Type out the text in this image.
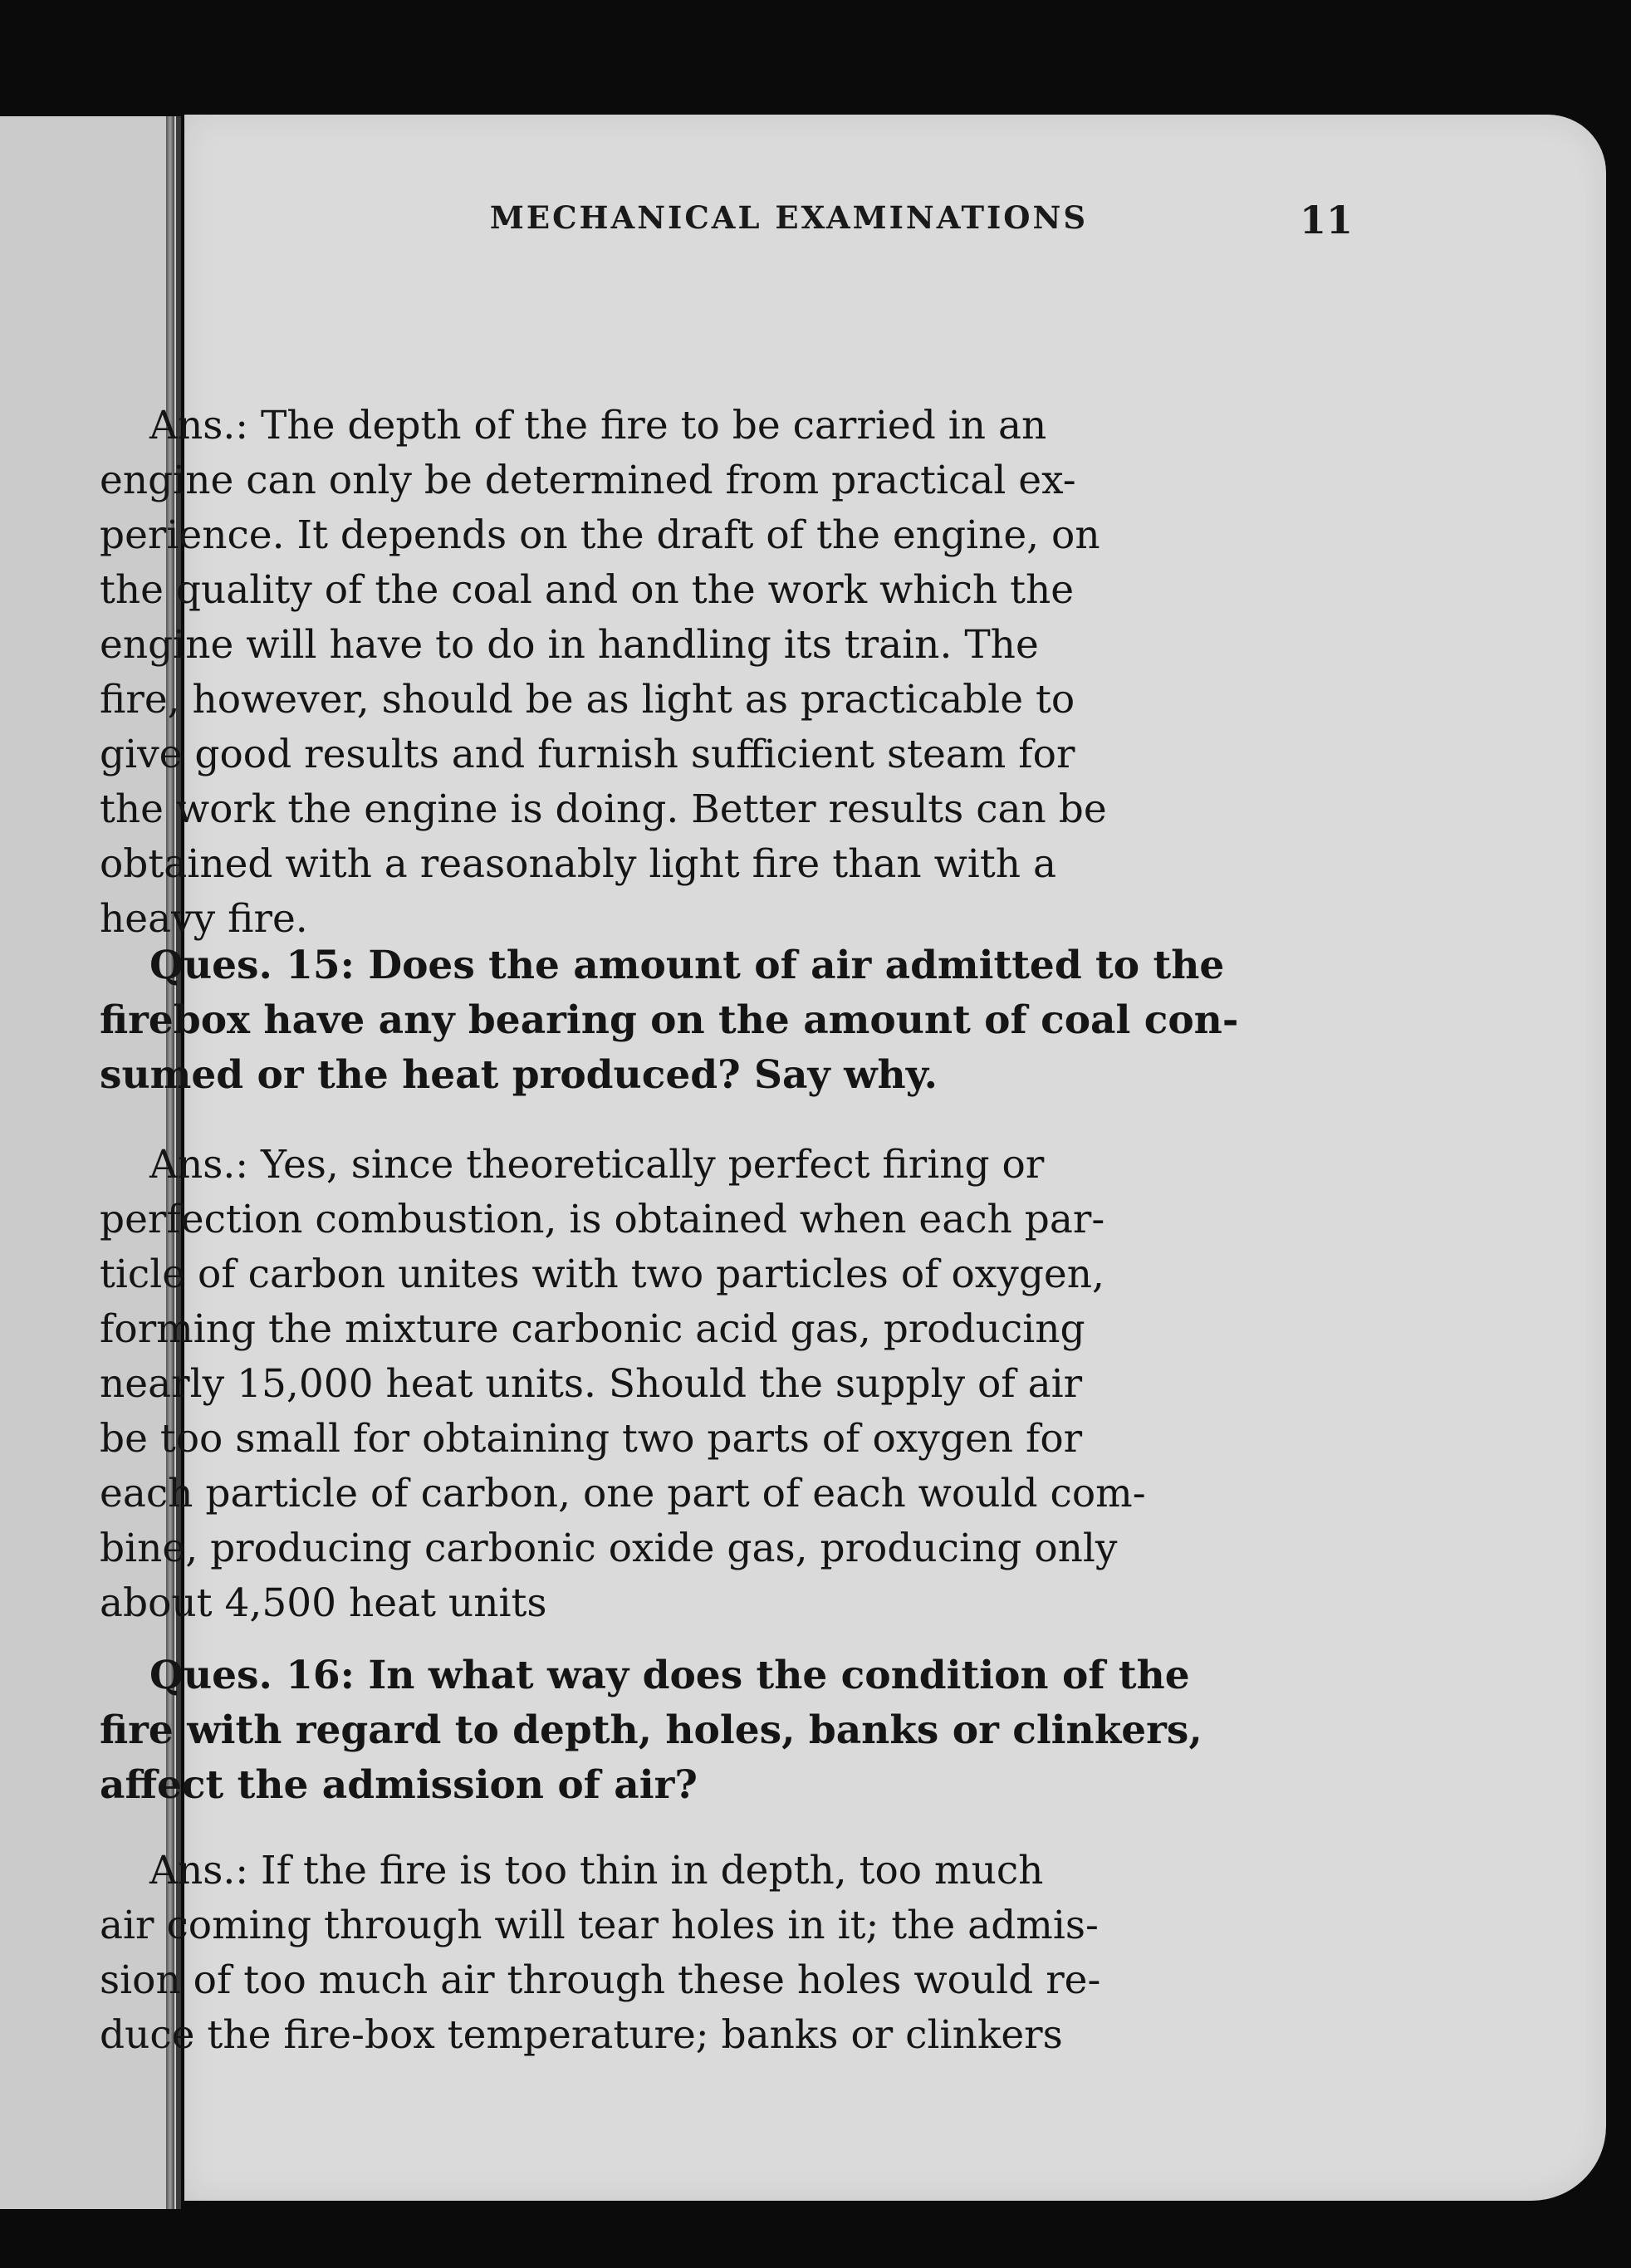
MECHANICAL EXAMINATIONS	11
Ans.: The depth of the fire to be carried in an
engine can only be determined from practical ex-
perience. It depends on the draft of the engine, on
the quality of the coal and on the work which the
engine will have to do in handling its train. The
fire, however, should be as light as practicable to
give good results and furnish sufficient steam for
the work the engine is doing. Better results can be
obtained with a reasonably light fire than with a
heavy fire.
Ques. 15: Does the amount of air admitted to the
firebox have any bearing on the amount of coal con-
sumed or the heat produced? Say why.
Ans.: Yes, since theoretically perfect firing or
perfection combustion, is obtained when each par-
ticle of carbon unites with two particles of oxygen,
forming the mixture carbonic acid gas, producing
nearly 15,000 heat units. Should the supply of air
be too small for obtaining two parts of oxygen for
each particle of carbon, one part of each would com-
bine, producing carbonic oxide gas, producing only
about 4,500 heat units
Ques. 16: In what way does the condition of the
fire with regard to depth, holes, banks or clinkers,
affect the admission of air?
Ans.: If the fire is too thin in depth, too much
air coming through will tear holes in it; the admis-
sion of too much air through these holes would re-
duce the fire-box temperature; banks or clinkers
